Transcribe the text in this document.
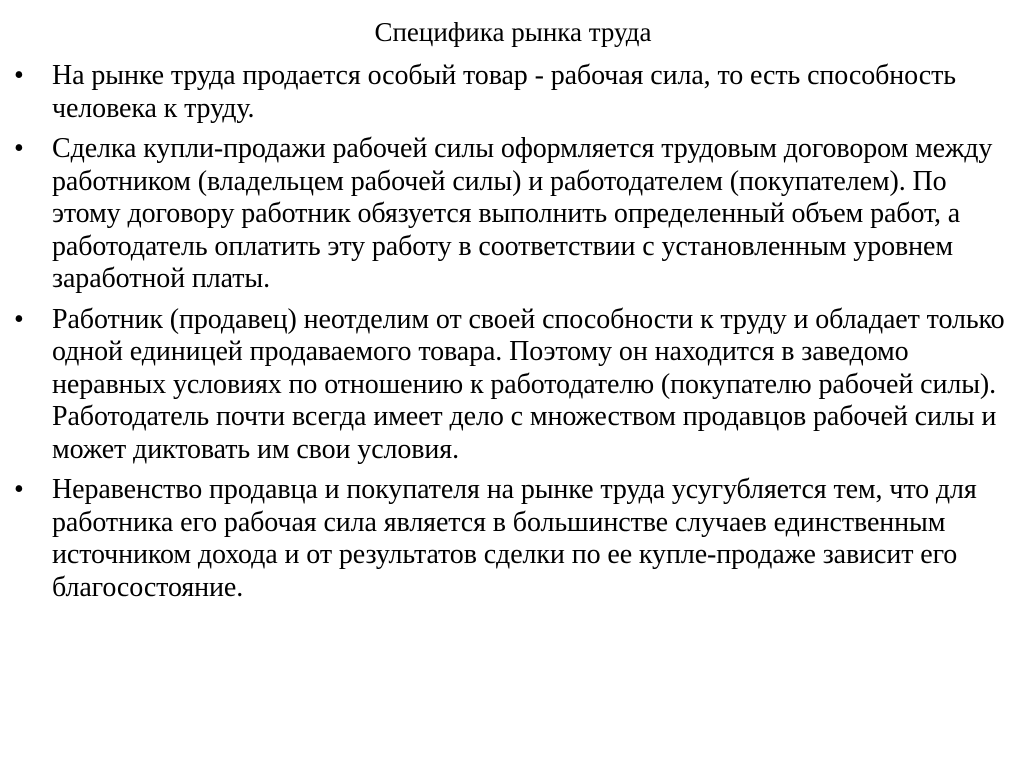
Специфика рынка труда
•	На рынке труда продается особый товар - рабочая сила, то есть способность человека к труду.
•	Сделка купли-продажи рабочей силы оформляется трудовым договором между работником (владельцем рабочей силы) и работодателем (покупателем). По этому договору работник обязуется выполнить определенный объем работ, а работодатель оплатить эту работу в соответствии с установленным уровнем заработной платы.
•	Работник (продавец) неотделим от своей способности к труду и обладает только одной единицей продаваемого товара. Поэтому он находится в заведомо неравных условиях по отношению к работодателю (покупателю рабочей силы). Работодатель почти всегда имеет дело с множеством продавцов рабочей силы и может диктовать им свои условия.
•	Неравенство продавца и покупателя на рынке труда усугубляется тем, что для работника его рабочая сила является в большинстве случаев единственным источником дохода и от результатов сделки по ее купле-продаже зависит его благосостояние.
